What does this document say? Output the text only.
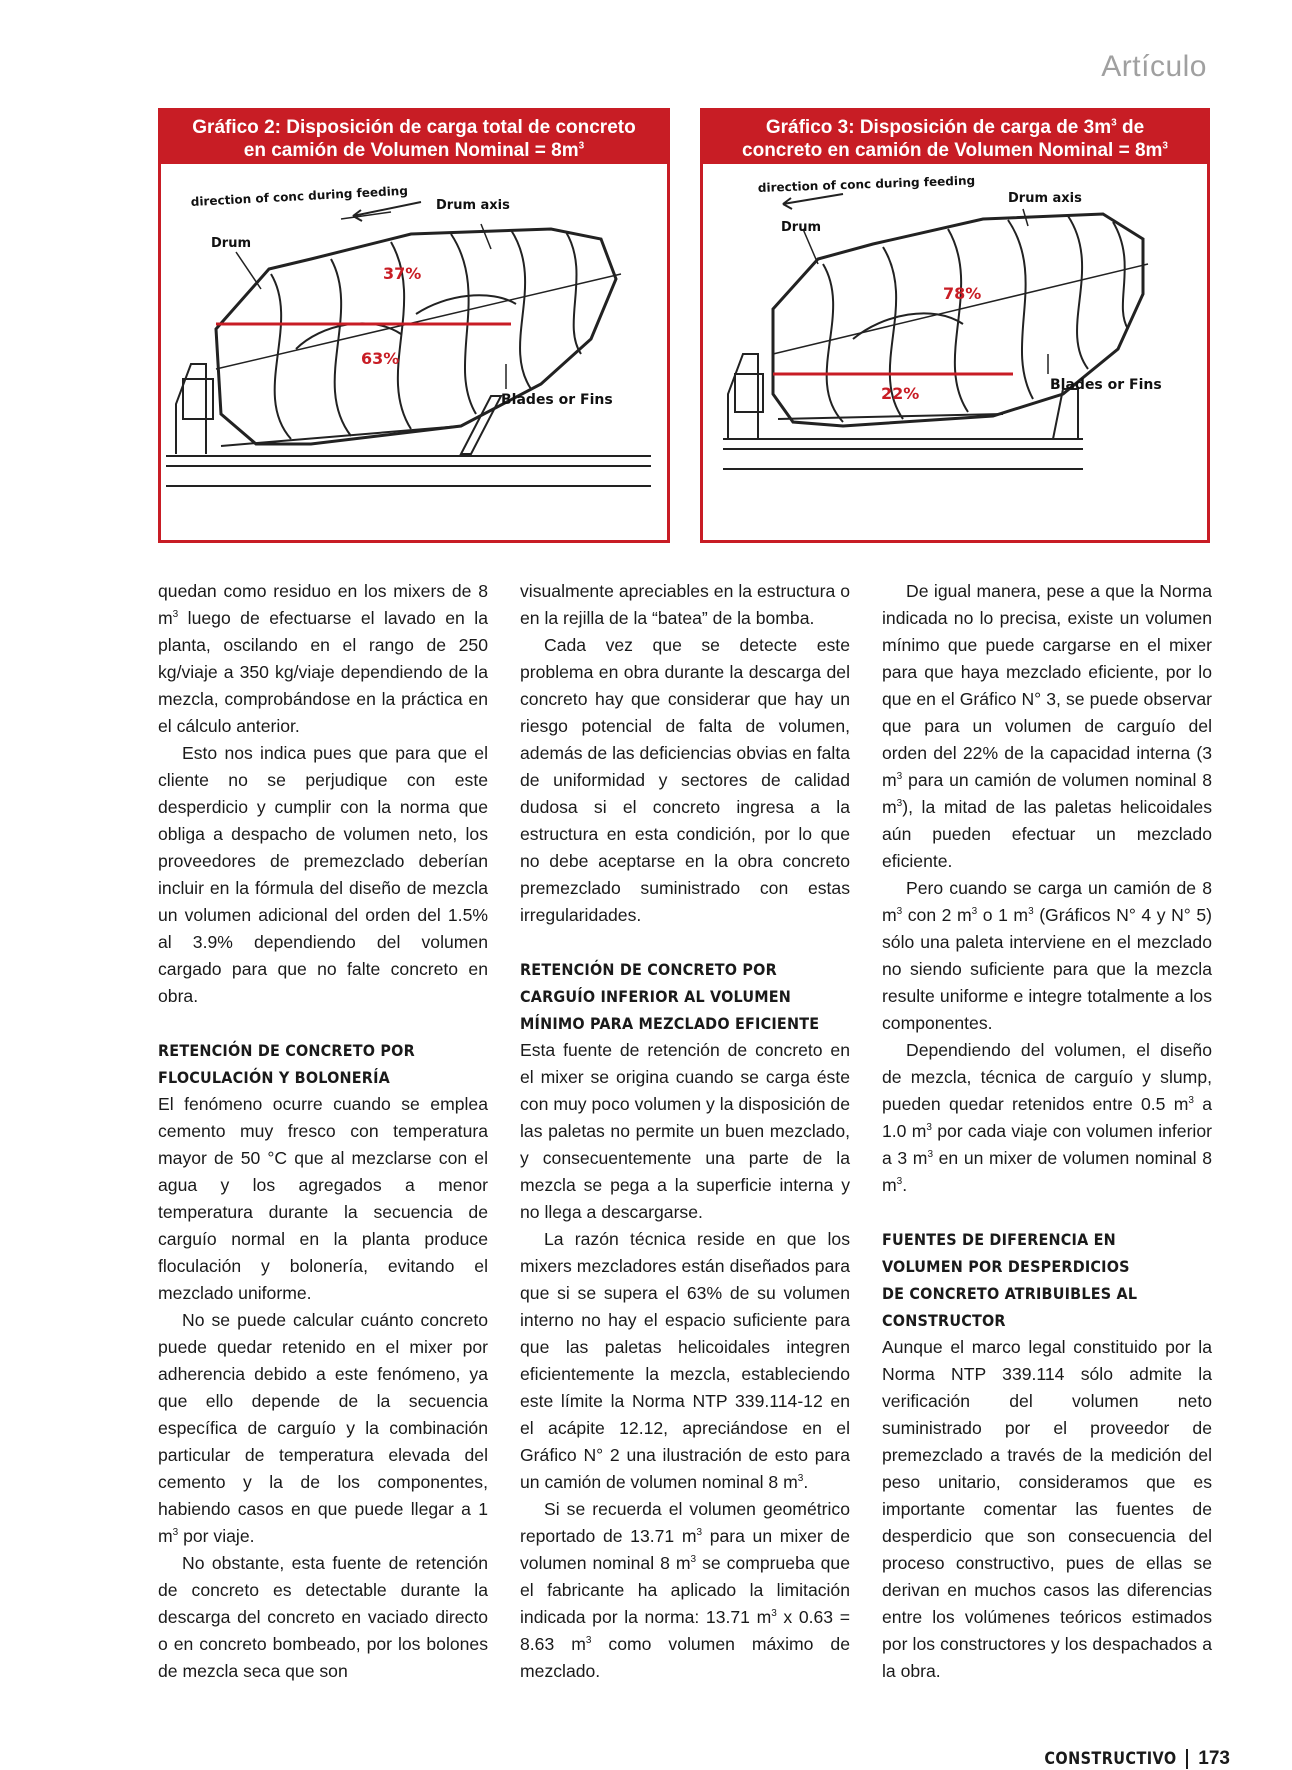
Artículo
Gráfico 2: Disposición de carga total de concreto
en camión de Volumen Nominal = $8m^3$
direction of conc during feeding Drum axis
Drum
Blades or Fins
37%
63%
Gráfico 3: Disposición de carga de $3m^3$ de
concreto en camión de Volumen Nominal = $8m^3$
direction of conc during feeding
Drum axis
Drum
Blades or Fins
78%
22%

quedan como residuo en los mixers de 8 $m^3$ luego de efectuarse el lavado en la planta, oscilando en el rango de 250 kg/viaje a 350 kg/viaje dependiendo de la mezcla, comprobándose en la práctica en el cálculo anterior.

Esto nos indica pues que para que el cliente no se perjudique con este desperdicio y cumplir con la norma que obliga a despacho de volumen neto, los proveedores de premezclado deberían incluir en la fórmula del diseño de mezcla un volumen adicional del orden del 1.5% al 3.9% dependiendo del volumen cargado para que no falte concreto en obra.

RETENCIÓN DE CONCRETO POR
FLOCULACIÓN Y BOLONERÍA

El fenómeno ocurre cuando se emplea cemento muy fresco con temperatura mayor de 50 °C que al mezclarse con el agua y los agregados a menor temperatura durante la secuencia de carguío normal en la planta produce floculación y bolonería, evitando el mezclado uniforme.

No se puede calcular cuánto concreto puede quedar retenido en el mixer por adherencia debido a este fenómeno, ya que ello depende de la secuencia específica de carguío y la combinación particular de temperatura elevada del cemento y la de los componentes, habiendo casos en que puede llegar a 1 $m^3$ por viaje.

No obstante, esta fuente de retención de concreto es detectable durante la descarga del concreto en vaciado directo o en concreto bombeado, por los bolones de mezcla seca que son

visualmente apreciables en la estructura o en la rejilla de la “batea” de la bomba.

Cada vez que se detecte este problema en obra durante la descarga del concreto hay que considerar que hay un riesgo potencial de falta de volumen, además de las deficiencias obvias en falta de uniformidad y sectores de calidad dudosa si el concreto ingresa a la estructura en esta condición, por lo que no debe aceptarse en la obra concreto premezclado suministrado con estas irregularidades.

RETENCIÓN DE CONCRETO POR
CARGUÍO INFERIOR AL VOLUMEN
MÍNIMO PARA MEZCLADO EFICIENTE

Esta fuente de retención de concreto en el mixer se origina cuando se carga éste con muy poco volumen y la disposición de las paletas no permite un buen mezclado, y consecuentemente una parte de la mezcla se pega a la superficie interna y no llega a descargarse.

La razón técnica reside en que los mixers mezcladores están diseñados para que si se supera el 63% de su volumen interno no hay el espacio suficiente para que las paletas helicoidales integren eficientemente la mezcla, estableciendo este límite la Norma NTP 339.114-12 en el acápite 12.12, apreciándose en el Gráfico N° 2 una ilustración de esto para un camión de volumen nominal 8 $m^3$.

Si se recuerda el volumen geométrico reportado de 13.71 $m^3$ para un mixer de volumen nominal 8 $m^3$ se comprueba que el fabricante ha aplicado la limitación indicada por la norma: 13.71 $m^3$ x 0.63 = 8.63 $m^3$ como volumen máximo de mezclado.

De igual manera, pese a que la Norma indicada no lo precisa, existe un volumen mínimo que puede cargarse en el mixer para que haya mezclado eficiente, por lo que en el Gráfico N° 3, se puede observar que para un volumen de carguío del orden del 22% de la capacidad interna (3 $m^3$ para un camión de volumen nominal 8 $m^3$), la mitad de las paletas helicoidales aún pueden efectuar un mezclado eficiente.

Pero cuando se carga un camión de 8 $m^3$ con 2 $m^3$ o 1 $m^3$ (Gráficos N° 4 y N° 5) sólo una paleta interviene en el mezclado no siendo suficiente para que la mezcla resulte uniforme e integre totalmente a los componentes.

Dependiendo del volumen, el diseño de mezcla, técnica de carguío y slump, pueden quedar retenidos entre 0.5 $m^3$ a 1.0 $m^3$ por cada viaje con volumen inferior a 3 $m^3$ en un mixer de volumen nominal 8 $m^3$.

FUENTES DE DIFERENCIA EN
VOLUMEN POR DESPERDICIOS
DE CONCRETO ATRIBUIBLES AL
CONSTRUCTOR

Aunque el marco legal constituido por la Norma NTP 339.114 sólo admite la verificación del volumen neto suministrado por el proveedor de premezclado a través de la medición del peso unitario, consideramos que es importante comentar las fuentes de desperdicio que son consecuencia del proceso constructivo, pues de ellas se derivan en muchos casos las diferencias entre los volúmenes teóricos estimados por los constructores y los despachados a la obra.

CONSTRUCTIVO 173
